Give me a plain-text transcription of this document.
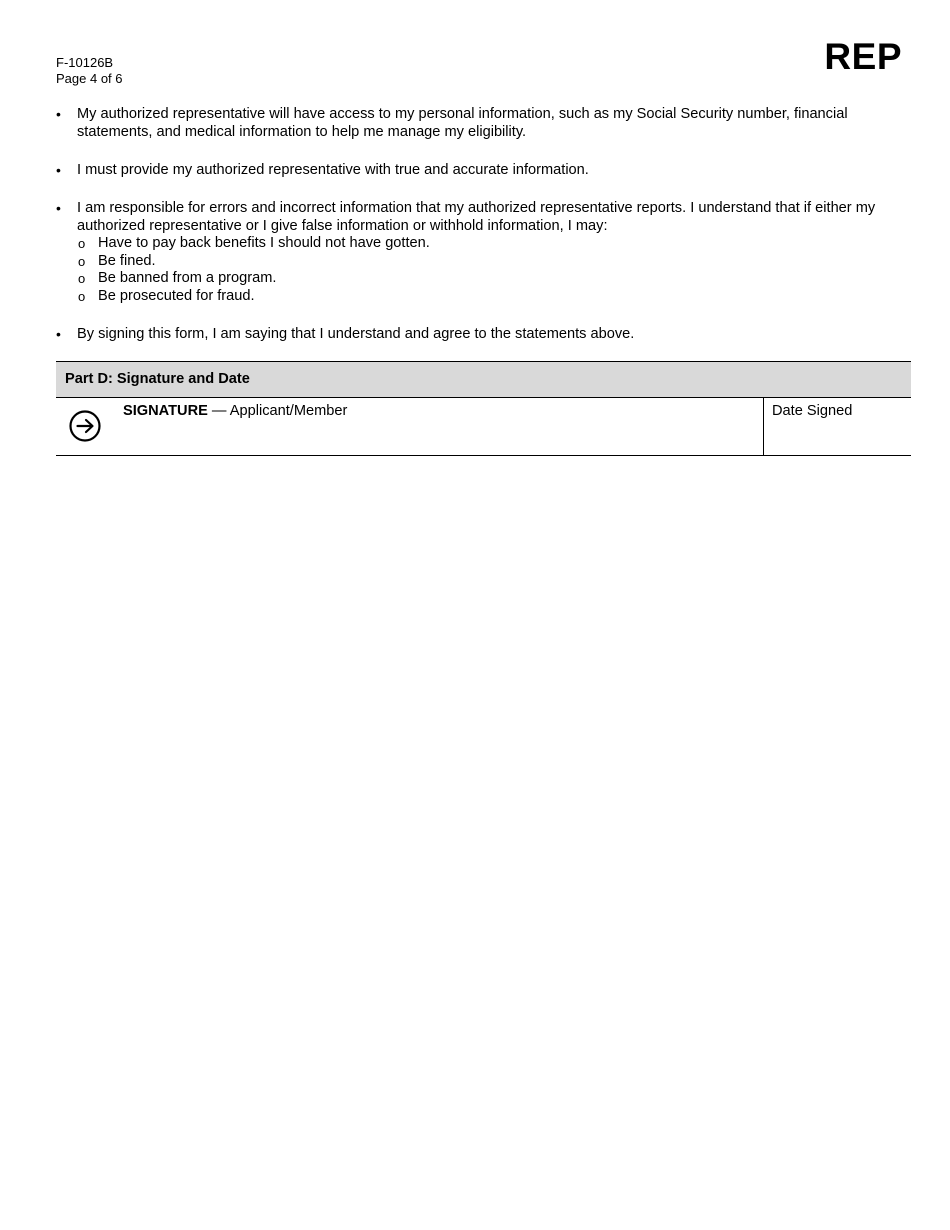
F-10126B
Page 4 of 6
REP
• My authorized representative will have access to my personal information, such as my Social Security number, financial statements, and medical information to help me manage my eligibility.
• I must provide my authorized representative with true and accurate information.
• I am responsible for errors and incorrect information that my authorized representative reports. I understand that if either my authorized representative or I give false information or withhold information, I may:
o Have to pay back benefits I should not have gotten.
o Be fined.
o Be banned from a program.
o Be prosecuted for fraud.
• By signing this form, I am saying that I understand and agree to the statements above.
Part D: Signature and Date
SIGNATURE — Applicant/Member	Date Signed
